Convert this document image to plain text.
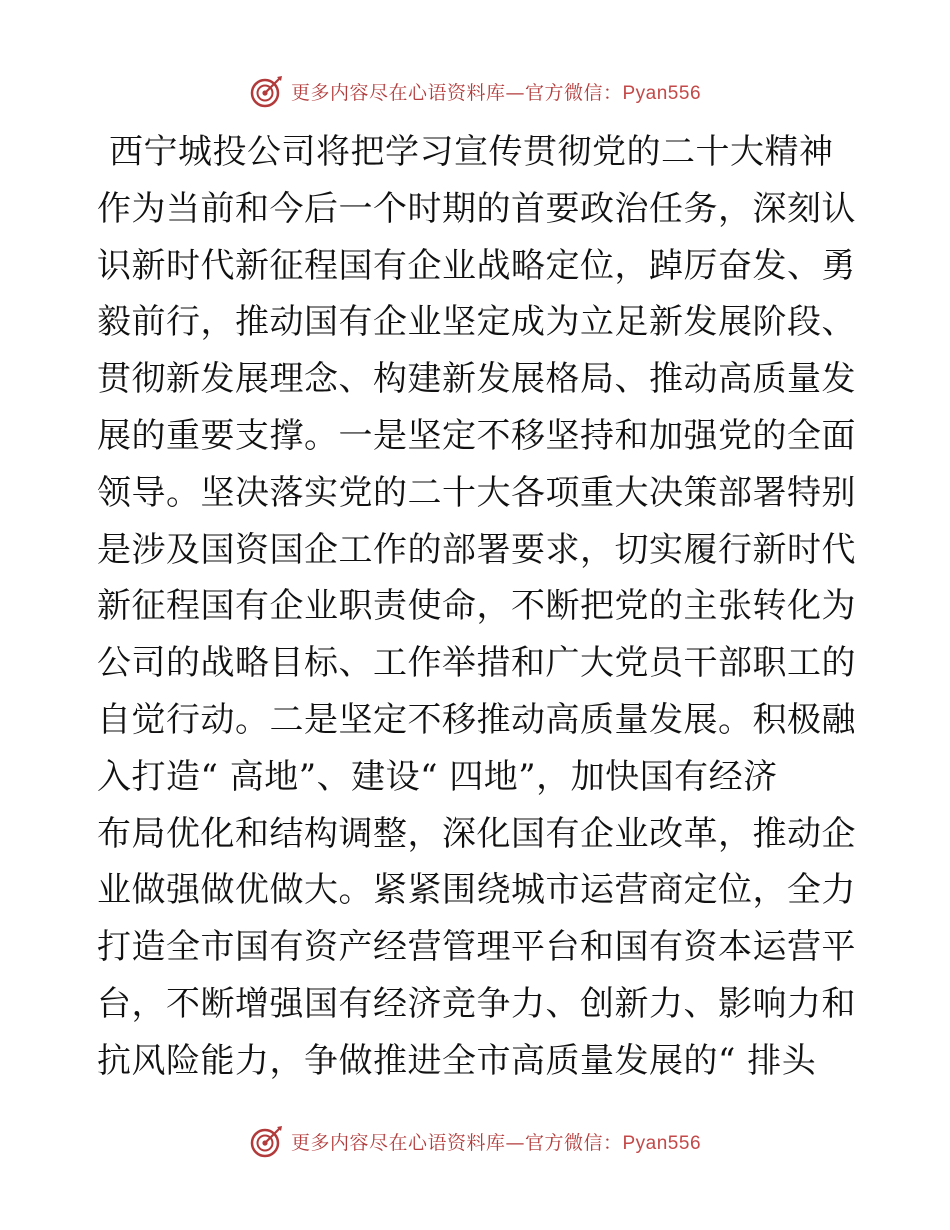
更多内容尽在心语资料库—官方微信：Pyan556
西宁城投公司将把学习宣传贯彻党的二十大精神
作为当前和今后一个时期的首要政治任务，深刻认
识新时代新征程国有企业战略定位，踔厉奋发、勇
毅前行，推动国有企业坚定成为立足新发展阶段、
贯彻新发展理念、构建新发展格局、推动高质量发
展的重要支撑。一是坚定不移坚持和加强党的全面
领导。坚决落实党的二十大各项重大决策部署特别
是涉及国资国企工作的部署要求，切实履行新时代
新征程国有企业职责使命，不断把党的主张转化为
公司的战略目标、工作举措和广大党员干部职工的
自觉行动。二是坚定不移推动高质量发展。积极融
入打造“ 高地”、建设“ 四地”，加快国有经济
布局优化和结构调整，深化国有企业改革，推动企
业做强做优做大。紧紧围绕城市运营商定位，全力
打造全市国有资产经营管理平台和国有资本运营平
台，不断增强国有经济竞争力、创新力、影响力和
抗风险能力，争做推进全市高质量发展的“ 排头
更多内容尽在心语资料库—官方微信：Pyan556
